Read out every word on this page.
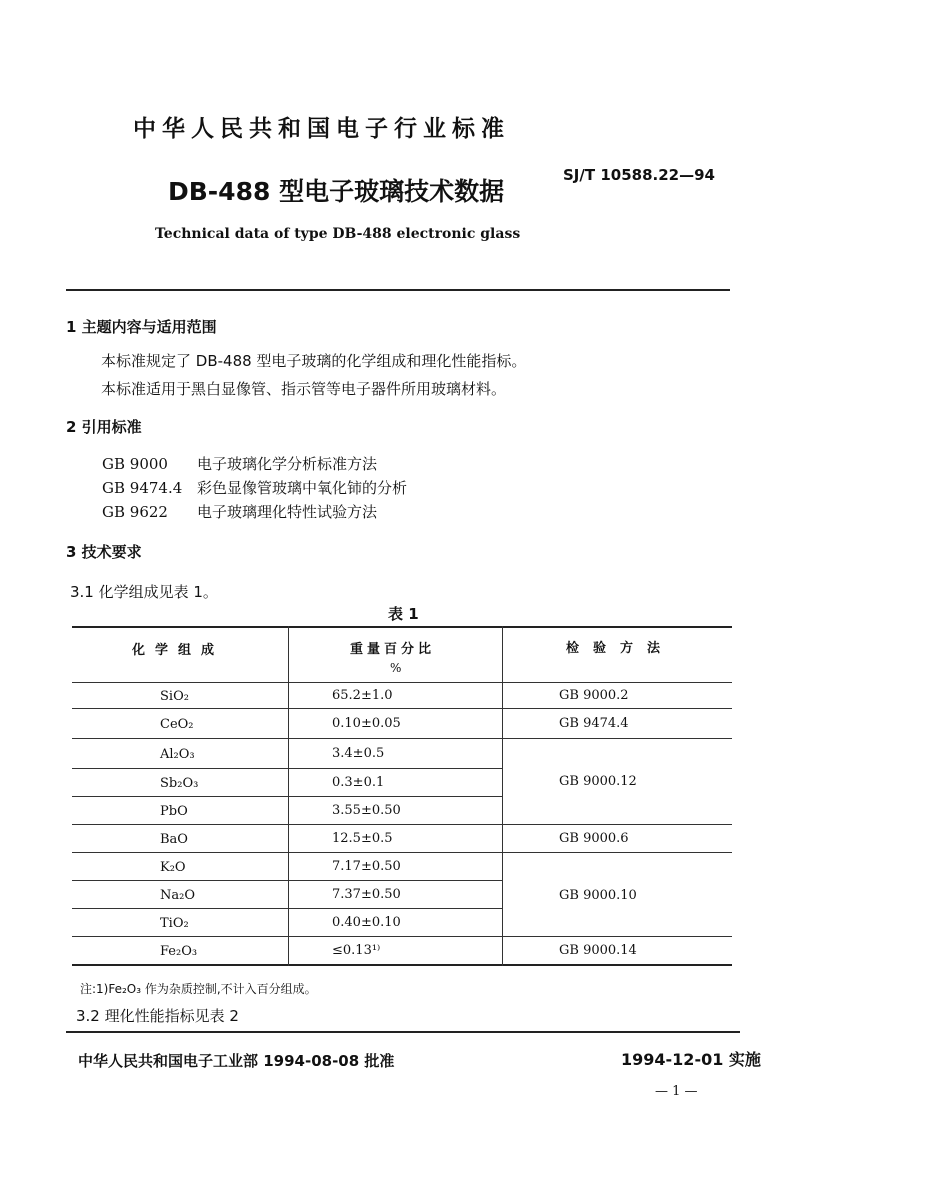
中华人民共和国电子行业标准
DB-488 型电子玻璃技术数据
SJ/T 10588.22—94
Technical data of type DB-488 electronic glass
1 主题内容与适用范围
本标准规定了 DB-488 型电子玻璃的化学组成和理化性能指标。
本标准适用于黑白显像管、指示管等电子器件所用玻璃材料。
2 引用标准
GB 9000 电子玻璃化学分析标准方法
GB 9474.4 彩色显像管玻璃中氧化铈的分析
GB 9622 电子玻璃理化特性试验方法
3 技术要求
3.1 化学组成见表 1。
表 1
化学组成	重量百分比
%
检验方法
SiO₂
CeO₂
Al₂O₃
Sb₂O₃
PbO
BaO
K₂O
Na₂O
TiO₂
Fe₂O₃
65.2±1.0
0.10±0.05
3.4±0.5
0.3±0.1
3.55±0.50
12.5±0.5
7.17±0.50
7.37±0.50
0.40±0.10
≤0.13¹⁾
GB 9000.2
GB 9474.4
GB 9000.12
GB 9000.6
GB 9000.10
GB 9000.14
注:1)Fe₂O₃ 作为杂质控制,不计入百分组成。
3.2 理化性能指标见表 2
中华人民共和国电子工业部 1994-08-08 批准	1994-12-01 实施
— 1 —
